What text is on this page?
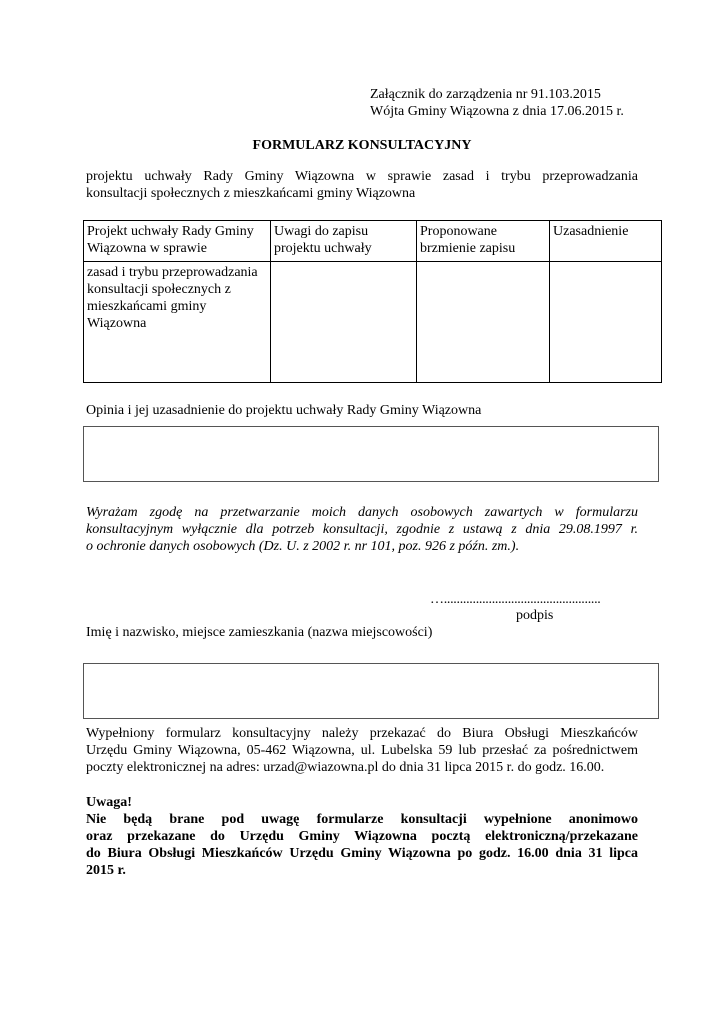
Załącznik do zarządzenia nr 91.103.2015
Wójta Gminy Wiązowna z dnia 17.06.2015 r.
FORMULARZ KONSULTACYJNY
projektu uchwały Rady Gminy Wiązowna w sprawie zasad i trybu przeprowadzania
konsultacji społecznych z mieszkańcami gminy Wiązowna
Projekt uchwały Rady Gminy Wiązowna w sprawie	Uwagi do zapisu projektu uchwały	Proponowane brzmienie zapisu	Uzasadnienie
zasad i trybu przeprowadzania konsultacji społecznych z mieszkańcami gminy Wiązowna			
Opinia i jej uzasadnienie do projektu uchwały Rady Gminy Wiązowna
Wyrażam zgodę na przetwarzanie moich danych osobowych zawartych w formularzu
konsultacyjnym wyłącznie dla potrzeb konsultacji, zgodnie z ustawą z dnia 29.08.1997 r.
o ochronie danych osobowych (Dz. U. z 2002 r. nr 101, poz. 926 z późn. zm.).
….................................................
podpis
Imię i nazwisko, miejsce zamieszkania (nazwa miejscowości)
Wypełniony formularz konsultacyjny należy przekazać do Biura Obsługi Mieszkańców
Urzędu Gminy Wiązowna, 05-462 Wiązowna, ul. Lubelska 59 lub przesłać za pośrednictwem
poczty elektronicznej na adres: urzad@wiazowna.pl do dnia 31 lipca 2015 r. do godz. 16.00.
Uwaga!
Nie będą brane pod uwagę formularze konsultacji wypełnione anonimowo
oraz przekazane do Urzędu Gminy Wiązowna pocztą elektroniczną/przekazane
do Biura Obsługi Mieszkańców Urzędu Gminy Wiązowna po godz. 16.00 dnia 31 lipca
2015 r.
